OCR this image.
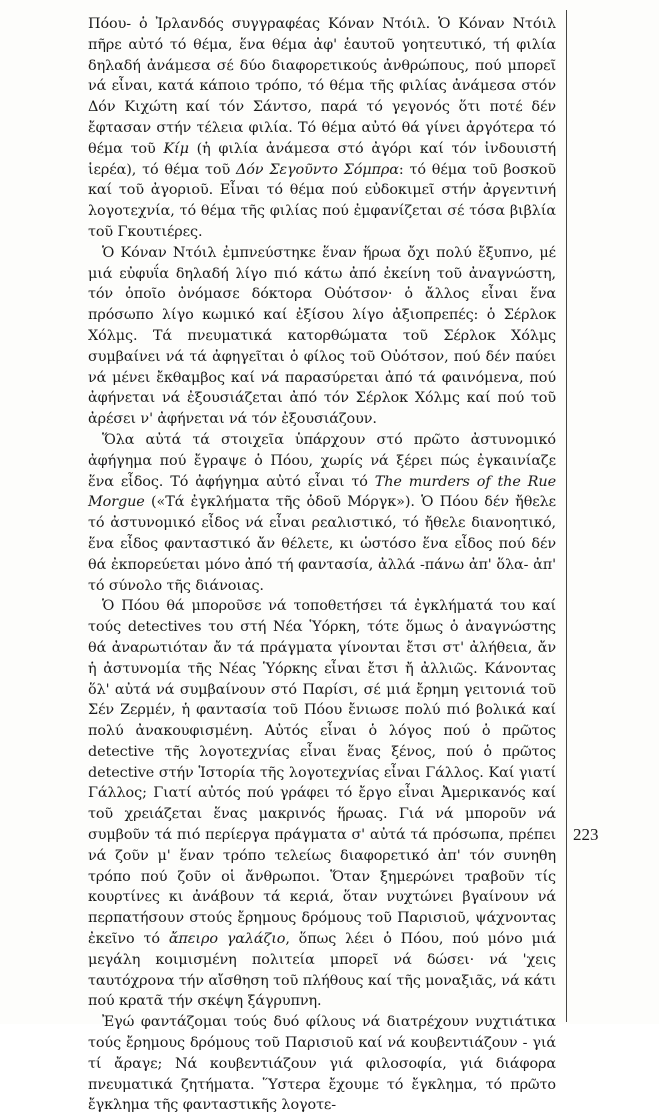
Πόου- ὁ Ἰρλανδός συγγραφέας Κόναν Ντόιλ. Ὁ Κόναν Ντόιλ πῆρε αὐτό τό θέμα, ἕνα θέμα ἀφ' ἑαυτοῦ γοητευτικό, τή φιλία δηλαδή ἀνάμεσα σέ δύο διαφορετικούς ἀνθρώπους, πού μπορεῖ νά εἶναι, κατά κάποιο τρόπο, τό θέμα τῆς φιλίας ἀνάμεσα στόν Δόν Κιχώτη καί τόν Σάντσο, παρά τό γεγονός ὅτι ποτέ δέν ἔφτασαν στήν τέλεια φιλία. Τό θέμα αὐτό θά γίνει ἀργότερα τό θέμα τοῦ Κίμ (ἡ φιλία ἀνάμεσα στό ἀγόρι καί τόν ἰνδουιστή ἱερέα), τό θέμα τοῦ Δόν Σεγοῦντο Σόμπρα: τό θέμα τοῦ βοσκοῦ καί τοῦ ἀγοριοῦ. Εἶναι τό θέμα πού εὐδοκιμεῖ στήν ἀργεντινή λογοτεχνία, τό θέμα τῆς φιλίας πού ἐμφανίζεται σέ τόσα βιβλία τοῦ Γκουτιέρες.

Ὁ Κόναν Ντόιλ ἐμπνεύστηκε ἕναν ἥρωα ὄχι πολύ ἔξυπνο, μέ μιά εὐφυΐα δηλαδή λίγο πιό κάτω ἀπό ἐκείνη τοῦ ἀναγνώστη, τόν ὁποῖο ὀνόμασε δόκτορα Οὐότσον· ὁ ἄλλος εἶναι ἕνα πρόσωπο λίγο κωμικό καί ἐξίσου λίγο ἀξιοπρεπές: ὁ Σέρλοκ Χόλμς. Τά πνευματικά κατορθώματα τοῦ Σέρλοκ Χόλμς συμβαίνει νά τά ἀφηγεῖται ὁ φίλος τοῦ Οὐότσον, πού δέν παύει νά μένει ἔκθαμβος καί νά παρασύρεται ἀπό τά φαινόμενα, πού ἀφήνεται νά ἐξουσιάζεται ἀπό τόν Σέρλοκ Χόλμς καί πού τοῦ ἀρέσει ν' ἀφήνεται νά τόν ἐξουσιάζουν.

Ὅλα αὐτά τά στοιχεῖα ὑπάρχουν στό πρῶτο ἀστυνομικό ἀφήγημα πού ἔγραψε ὁ Πόου, χωρίς νά ξέρει πώς ἐγκαινίαζε ἕνα εἶδος. Τό ἀφήγημα αὐτό εἶναι τό The murders of the Rue Morgue («Τά ἐγκλήματα τῆς ὁδοῦ Μόργκ»). Ὁ Πόου δέν ἤθελε τό ἀστυνομικό εἶδος νά εἶναι ρεαλιστικό, τό ἤθελε διανοητικό, ἕνα εἶδος φανταστικό ἄν θέλετε, κι ὡστόσο ἕνα εἶδος πού δέν θά ἐκπορεύεται μόνο ἀπό τή φαντασία, ἀλλά -πάνω ἀπ' ὅλα- ἀπ' τό σύνολο τῆς διάνοιας.

Ὁ Πόου θά μποροῦσε νά τοποθετήσει τά ἐγκλήματά του καί τούς detectives του στή Νέα Ὑόρκη, τότε ὅμως ὁ ἀναγνώστης θά ἀναρωτιόταν ἄν τά πράγματα γίνονται ἔτσι στ' ἀλήθεια, ἄν ἡ ἀστυνομία τῆς Νέας Ὑόρκης εἶναι ἔτσι ἤ ἀλλιῶς. Κάνοντας ὅλ' αὐτά νά συμβαίνουν στό Παρίσι, σέ μιά ἔρημη γειτονιά τοῦ Σέν Ζερμέν, ἡ φαντασία τοῦ Πόου ἔνιωσε πολύ πιό βολικά καί πολύ ἀνακουφισμένη. Αὐτός εἶναι ὁ λόγος πού ὁ πρῶτος detective τῆς λογοτεχνίας εἶναι ἕνας ξένος, πού ὁ πρῶτος detective στήν Ἱστορία τῆς λογοτεχνίας εἶναι Γάλλος. Καί γιατί Γάλλος; Γιατί αὐτός πού γράφει τό ἔργο εἶναι Ἀμερικανός καί τοῦ χρειάζεται ἕνας μακρινός ἥρωας. Γιά νά μποροῦν νά συμβοῦν τά πιό περίεργα πράγματα σ' αὐτά τά πρόσωπα, πρέπει νά ζοῦν μ' ἕναν τρόπο τελείως διαφορετικό ἀπ' τόν συνηθη τρόπο πού ζοῦν οἱ ἄνθρωποι. Ὅταν ξημερώνει τραβοῦν τίς κουρτίνες κι ἀνάβουν τά κεριά, ὅταν νυχτώνει βγαίνουν νά περπατήσουν στούς ἔρημους δρόμους τοῦ Παρισιοῦ, ψάχνοντας ἐκεῖνο τό ἄπειρο γαλάζιο, ὅπως λέει ὁ Πόου, πού μόνο μιά μεγάλη κοιμισμένη πολιτεία μπορεῖ νά δώσει· νά 'χεις ταυτόχρονα τήν αἴσθηση τοῦ πλήθους καί τῆς μοναξιᾶς, νά κάτι πού κρατᾶ τήν σκέψη ξάγρυπνη.

Ἐγώ φαντάζομαι τούς δυό φίλους νά διατρέχουν νυχτιάτικα τούς ἔρημους δρόμους τοῦ Παρισιοῦ καί νά κουβεντιάζουν - γιά τί ἄραγε; Νά κουβεντιάζουν γιά φιλοσοφία, γιά διάφορα πνευματικά ζητήματα. Ὕστερα ἔχουμε τό ἔγκλημα, τό πρῶτο ἔγκλημα τῆς φανταστικῆς λογοτε-

223
